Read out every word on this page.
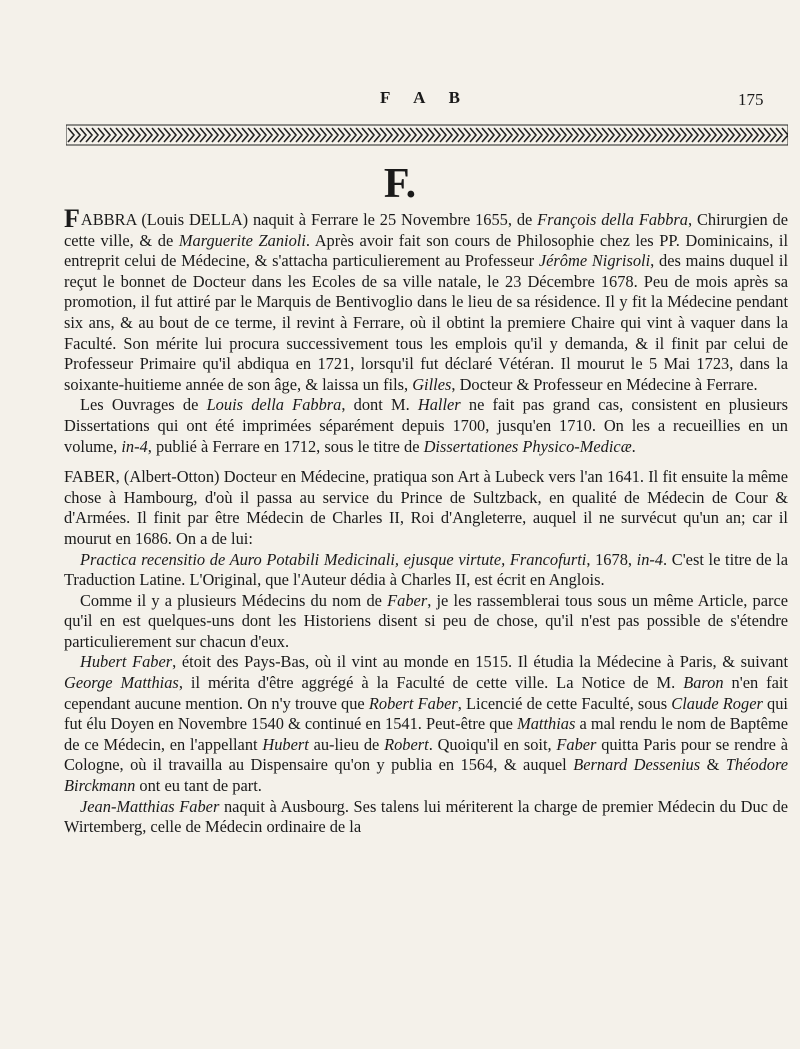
F A B	175
F.

FABBRA (Louis DELLA) naquit à Ferrare le 25 Novembre 1655, de François della Fabbra, Chirurgien de cette ville, & de Marguerite Zanioli. Après avoir fait son cours de Philosophie chez les PP. Dominicains, il entreprit celui de Médecine, & s'attacha particulierement au Professeur Jérôme Nigrisoli, des mains duquel il reçut le bonnet de Docteur dans les Ecoles de sa ville natale, le 23 Décembre 1678. Peu de mois après sa promotion, il fut attiré par le Marquis de Bentivoglio dans le lieu de sa résidence. Il y fit la Médecine pendant six ans, & au bout de ce terme, il revint à Ferrare, où il obtint la premiere Chaire qui vint à vaquer dans la Faculté. Son mérite lui procura successivement tous les emplois qu'il y demanda, & il finit par celui de Professeur Primaire qu'il abdiqua en 1721, lorsqu'il fut déclaré Vétéran. Il mourut le 5 Mai 1723, dans la soixante-huitieme année de son âge, & laissa un fils, Gilles, Docteur & Professeur en Médecine à Ferrare.

Les Ouvrages de Louis della Fabbra, dont M. Haller ne fait pas grand cas, consistent en plusieurs Dissertations qui ont été imprimées séparément depuis 1700, jusqu'en 1710. On les a recueillies en un volume, in-4, publié à Ferrare en 1712, sous le titre de Dissertationes Physico-Medicæ.

FABER, (Albert-Otton) Docteur en Médecine, pratiqua son Art à Lubeck vers l'an 1641. Il fit ensuite la même chose à Hambourg, d'où il passa au service du Prince de Sultzback, en qualité de Médecin de Cour & d'Armées. Il finit par être Médecin de Charles II, Roi d'Angleterre, auquel il ne survécut qu'un an; car il mourut en 1686. On a de lui:

Practica recensitio de Auro Potabili Medicinali, ejusque virtute, Francofurti, 1678, in-4. C'est le titre de la Traduction Latine. L'Original, que l'Auteur dédia à Charles II, est écrit en Anglois.

Comme il y a plusieurs Médecins du nom de Faber, je les rassemblerai tous sous un même Article, parce qu'il en est quelques-uns dont les Historiens disent si peu de chose, qu'il n'est pas possible de s'étendre particulierement sur chacun d'eux.

Hubert Faber, étoit des Pays-Bas, où il vint au monde en 1515. Il étudia la Médecine à Paris, & suivant George Matthias, il mérita d'être aggrégé à la Faculté de cette ville. La Notice de M. Baron n'en fait cependant aucune mention. On n'y trouve que Robert Faber, Licencié de cette Faculté, sous Claude Roger qui fut élu Doyen en Novembre 1540 & continué en 1541. Peut-être que Matthias a mal rendu le nom de Baptême de ce Médecin, en l'appellant Hubert au-lieu de Robert. Quoiqu'il en soit, Faber quitta Paris pour se rendre à Cologne, où il travailla au Dispensaire qu'on y publia en 1564, & auquel Bernard Dessenius & Théodore Birckmann ont eu tant de part.

Jean-Matthias Faber naquit à Ausbourg. Ses talens lui mériterent la charge de premier Médecin du Duc de Wirtemberg, celle de Médecin ordinaire de la
